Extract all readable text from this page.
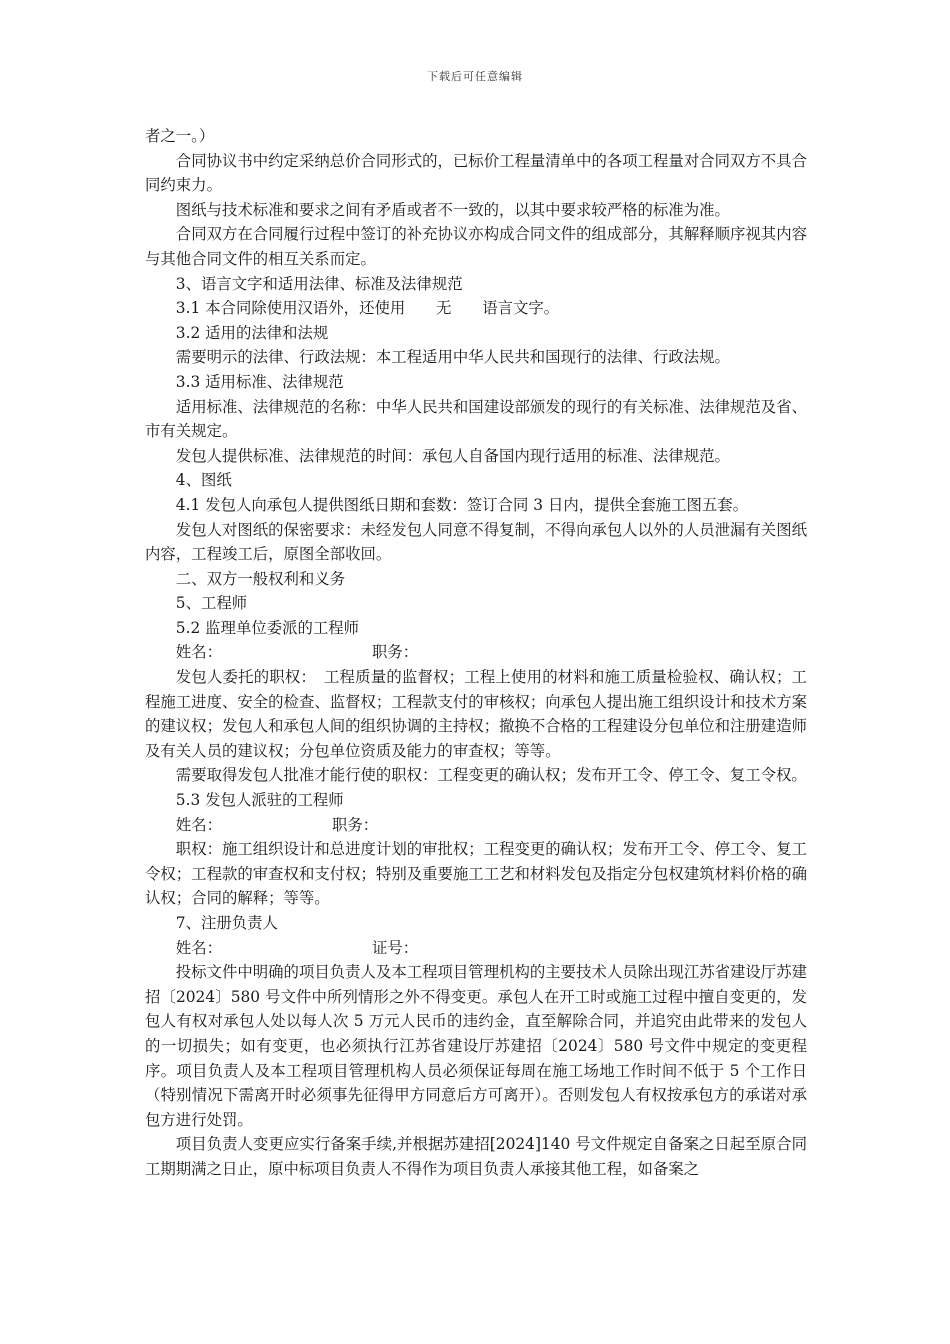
下载后可任意编辑

者之一。）

合同协议书中约定采纳总价合同形式的，已标价工程量清单中的各项工程量对合同双方不具合同约束力。

图纸与技术标准和要求之间有矛盾或者不一致的，以其中要求较严格的标准为准。

合同双方在合同履行过程中签订的补充协议亦构成合同文件的组成部分，其解释顺序视其内容与其他合同文件的相互关系而定。

3、语言文字和适用法律、标准及法律规范

3.1 本合同除使用汉语外，还使用　　无　　语言文字。

3.2 适用的法律和法规

需要明示的法律、行政法规：本工程适用中华人民共和国现行的法律、行政法规。

3.3 适用标准、法律规范

适用标准、法律规范的名称：中华人民共和国建设部颁发的现行的有关标准、法律规范及省、市有关规定。

发包人提供标准、法律规范的时间：承包人自备国内现行适用的标准、法律规范。

4、图纸

4.1 发包人向承包人提供图纸日期和套数：签订合同 3 日内，提供全套施工图五套。

发包人对图纸的保密要求：未经发包人同意不得复制，不得向承包人以外的人员泄漏有关图纸内容，工程竣工后，原图全部收回。

二、双方一般权利和义务

5、工程师

5.2 监理单位委派的工程师

姓名：	职务：

发包人委托的职权：　工程质量的监督权；工程上使用的材料和施工质量检验权、确认权；工程施工进度、安全的检查、监督权；工程款支付的审核权；向承包人提出施工组织设计和技术方案的建议权；发包人和承包人间的组织协调的主持权；撤换不合格的工程建设分包单位和注册建造师及有关人员的建议权；分包单位资质及能力的审查权；等等。

需要取得发包人批准才能行使的职权：工程变更的确认权；发布开工令、停工令、复工令权。

5.3 发包人派驻的工程师

姓名：	职务：

职权：施工组织设计和总进度计划的审批权；工程变更的确认权；发布开工令、停工令、复工令权；工程款的审查权和支付权；特别及重要施工工艺和材料发包及指定分包权建筑材料价格的确认权；合同的解释；等等。

7、注册负责人

姓名：	证号：

投标文件中明确的项目负责人及本工程项目管理机构的主要技术人员除出现江苏省建设厅苏建招〔2024〕580 号文件中所列情形之外不得变更。承包人在开工时或施工过程中擅自变更的，发包人有权对承包人处以每人次 5 万元人民币的违约金，直至解除合同，并追究由此带来的发包人的一切损失；如有变更，也必须执行江苏省建设厅苏建招〔2024〕580 号文件中规定的变更程序。项目负责人及本工程项目管理机构人员必须保证每周在施工场地工作时间不低于 5 个工作日（特别情况下需离开时必须事先征得甲方同意后方可离开）。否则发包人有权按承包方的承诺对承包方进行处罚。

项目负责人变更应实行备案手续,并根据苏建招[2024]140 号文件规定自备案之日起至原合同工期期满之日止，原中标项目负责人不得作为项目负责人承接其他工程，如备案之
